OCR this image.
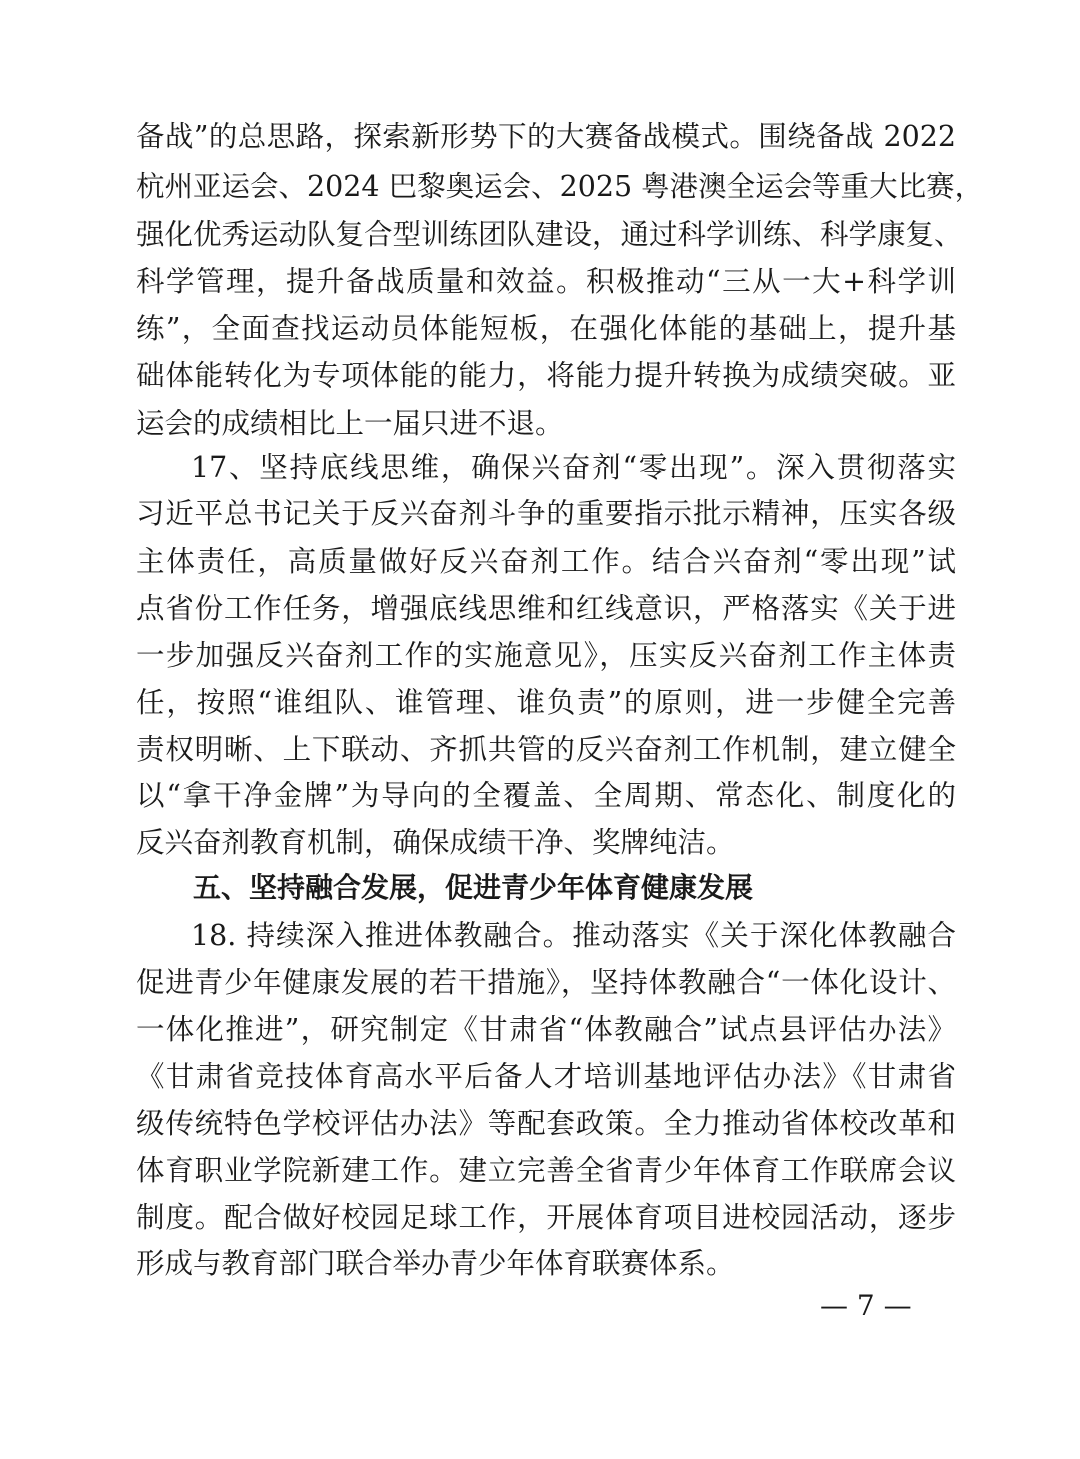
备战”的总思路，探索新形势下的大赛备战模式。围绕备战 2022
杭州亚运会、2024 巴黎奥运会、2025 粤港澳全运会等重大比赛，
强化优秀运动队复合型训练团队建设，通过科学训练、科学康复、
科学管理，提升备战质量和效益。积极推动“三从一大+科学训
练”，全面查找运动员体能短板，在强化体能的基础上，提升基
础体能转化为专项体能的能力，将能力提升转换为成绩突破。亚
运会的成绩相比上一届只进不退。
17、坚持底线思维，确保兴奋剂“零出现”。深入贯彻落实
习近平总书记关于反兴奋剂斗争的重要指示批示精神，压实各级
主体责任，高质量做好反兴奋剂工作。结合兴奋剂“零出现”试
点省份工作任务，增强底线思维和红线意识，严格落实《关于进
一步加强反兴奋剂工作的实施意见》，压实反兴奋剂工作主体责
任，按照“谁组队、谁管理、谁负责”的原则，进一步健全完善
责权明晰、上下联动、齐抓共管的反兴奋剂工作机制，建立健全
以“拿干净金牌”为导向的全覆盖、全周期、常态化、制度化的
反兴奋剂教育机制，确保成绩干净、奖牌纯洁。
五、坚持融合发展，促进青少年体育健康发展
18. 持续深入推进体教融合。推动落实《关于深化体教融合
促进青少年健康发展的若干措施》，坚持体教融合“一体化设计、
一体化推进”，研究制定《甘肃省“体教融合”试点县评估办法》
《甘肃省竞技体育高水平后备人才培训基地评估办法》《甘肃省
级传统特色学校评估办法》等配套政策。全力推动省体校改革和
体育职业学院新建工作。建立完善全省青少年体育工作联席会议
制度。配合做好校园足球工作，开展体育项目进校园活动，逐步
形成与教育部门联合举办青少年体育联赛体系。
— 7 —
